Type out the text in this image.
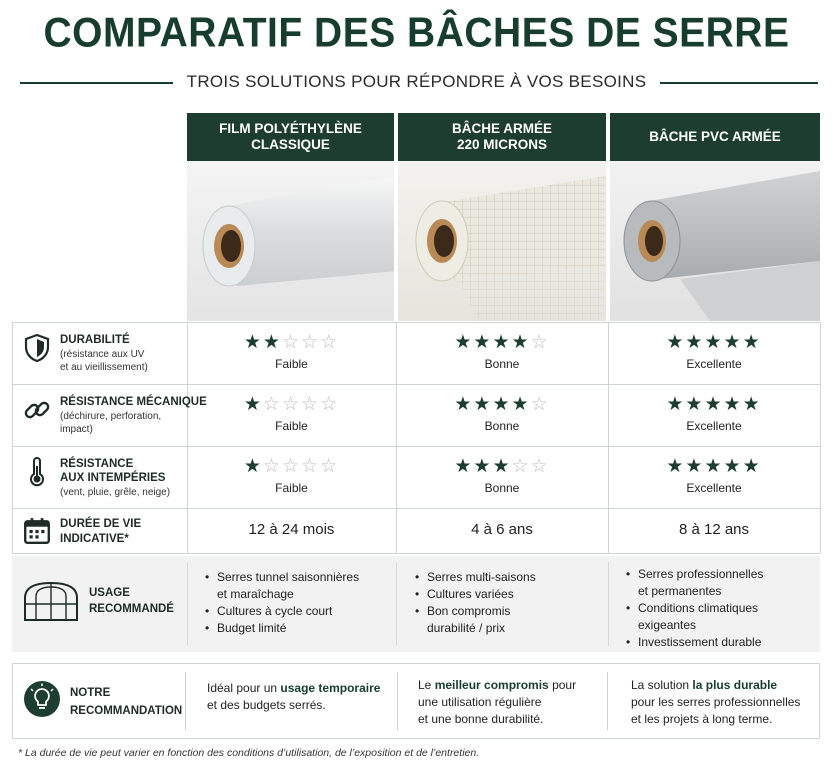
COMPARATIF DES BÂCHES DE SERRE
TROIS SOLUTIONS POUR RÉPONDRE À VOS BESOINS
FILM POLYÉTHYLÈNE
CLASSIQUE
BÂCHE ARMÉE
220 MICRONS
BÂCHE PVC ARMÉE
DURABILITÉ
(résistance aux UV
et au vieillissement)
★★☆☆☆
Faible
★★★★☆
Bonne
★★★★★
Excellente
RÉSISTANCE MÉCANIQUE
(déchirure, perforation,
impact)
★☆☆☆☆
Faible
★★★★☆
Bonne
★★★★★
Excellente
RÉSISTANCE
AUX INTEMPÉRIES
(vent, pluie, grêle, neige)
★☆☆☆☆
Faible
★★★☆☆
Bonne
★★★★★
Excellente
DURÉE DE VIE
INDICATIVE*
12 à 24 mois	4 à 6 ans	8 à 12 ans
USAGE
RECOMMANDÉ
• Serres tunnel saisonnières
et maraîchage
• Cultures à cycle court
• Budget limité
• Serres multi-saisons
• Cultures variées
• Bon compromis
durabilité / prix
• Serres professionnelles
et permanentes
• Conditions climatiques
exigeantes
• Investissement durable
NOTRE
RECOMMANDATION
Idéal pour un usage temporaire
et des budgets serrés.
Le meilleur compromis pour
une utilisation régulière
et une bonne durabilité.
La solution la plus durable
pour les serres professionnelles
et les projets à long terme.
* La durée de vie peut varier en fonction des conditions d’utilisation, de l’exposition et de l’entretien.
